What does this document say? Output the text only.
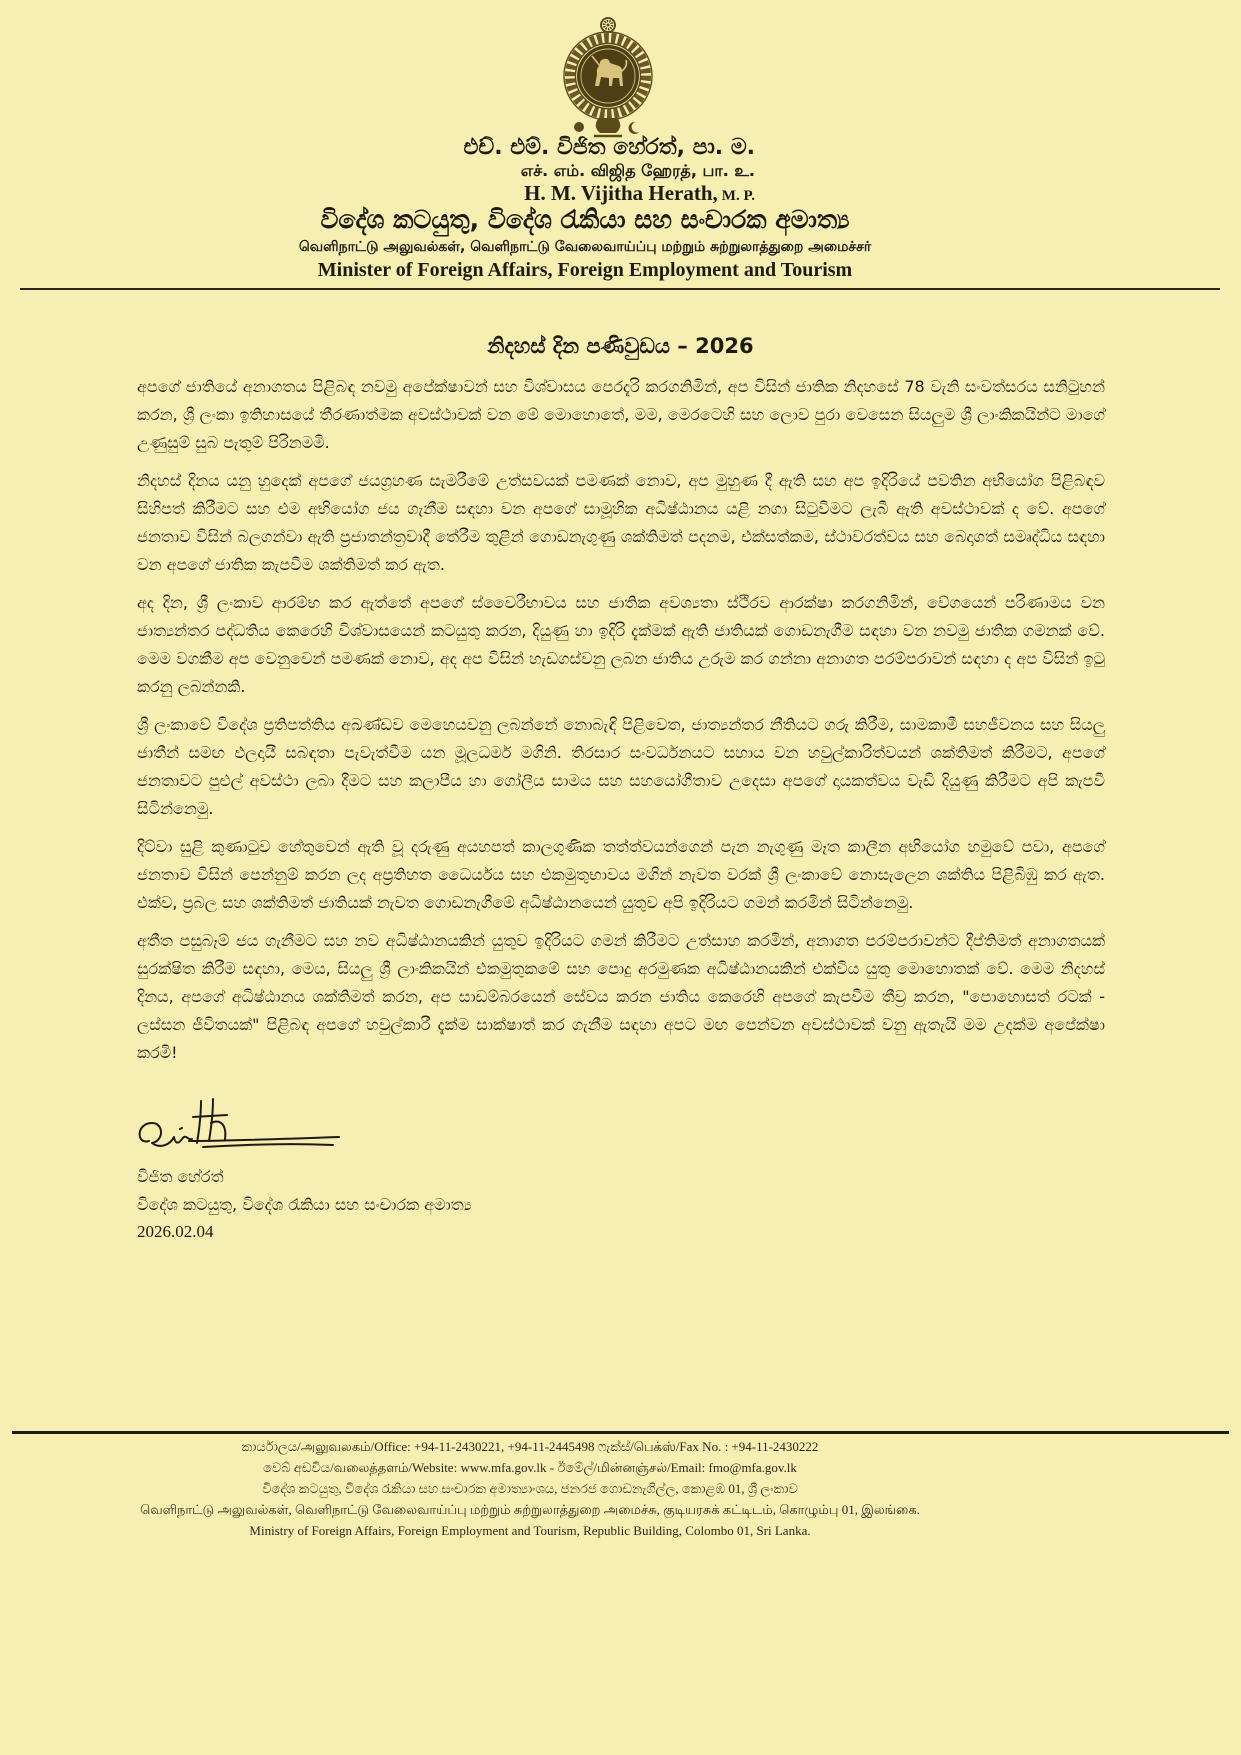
එච්. එම්. විජිත හේරත්, පා. ම.
எச். எம். விஜித ஹேரத், பா. உ.
H. M. Vijitha Herath, M. P.
විදේශ කටයුතු, විදේශ රැකියා සහ සංචාරක අමාත්‍ය
வெளிநாட்டு அலுவல்கள், வெளிநாட்டு வேலைவாய்ப்பு மற்றும் சுற்றுலாத்துறை அமைச்சர்
Minister of Foreign Affairs, Foreign Employment and Tourism
නිදහස් දින පණිවුඩය – 2026

අපගේ ජාතියේ අනාගතය පිළිබඳ නවමු අපේක්ෂාවන් සහ විශ්වාසය පෙරදැරි කරගනිමින්, අප විසින් ජාතික නිදහසේ 78 වැනි සංවත්සරය සනිටුහන් කරන, ශ්‍රී ලංකා ඉතිහාසයේ තීරණාත්මක අවස්ථාවක් වන මේ මොහොතේ, මම, මෙරටෙහි සහ ලොව පුරා වෙසෙන සියලුම ශ්‍රී ලාංකිකයින්ට මාගේ උණුසුම් සුබ පැතුම් පිරිනමමි.

නිදහස් දිනය යනු හුදෙක් අපගේ ජයග්‍රහණ සැමරීමේ උත්සවයක් පමණක් නොව, අප මුහුණ දී ඇති සහ අප ඉදිරියේ පවතින අභියෝග පිළිබඳව සිහිපත් කිරීමට සහ එම අභියෝග ජය ගැනීම සඳහා වන අපගේ සාමූහික අධිෂ්ඨානය යළි නගා සිටුවීමට ලැබී ඇති අවස්ථාවක් ද වේ. අපගේ ජනතාව විසින් බලගන්වා ඇති ප්‍රජාතන්ත්‍රවාදී තේරීම තුළින් ගොඩනැගුණු ශක්තිමත් පදනම, එක්සත්කම, ස්ථාවරත්වය සහ බෙදාගත් සමෘද්ධිය සඳහා වන අපගේ ජාතික කැපවීම ශක්තිමත් කර ඇත.

අද දින, ශ්‍රී ලංකාව ආරම්භ කර ඇත්තේ අපගේ ස්වෛරීභාවය සහ ජාතික අවශ්‍යතා ස්ථිරව ආරක්ෂා කරගනිමින්, වේගයෙන් පරිණාමය වන ජාත්‍යන්තර පද්ධතිය කෙරෙහි විශ්වාසයෙන් කටයුතු කරන, දියුණු හා ඉදිරි දැක්මක් ඇති ජාතියක් ගොඩනැගීම සඳහා වන නවමු ජාතික ගමනක් වේ. මෙම වගකීම අප වෙනුවෙන් පමණක් නොව, අද අප විසින් හැඩගස්වනු ලබන ජාතිය උරුම කර ගන්නා අනාගත පරම්පරාවන් සඳහා ද අප විසින් ඉටු කරනු ලබන්නකි.

ශ්‍රී ලංකාවේ විදේශ ප්‍රතිපත්තිය අඛණ්ඩව මෙහෙයවනු ලබන්නේ නොබැඳි පිළිවෙත, ජාත්‍යන්තර නීතියට ගරු කිරීම, සාමකාමී සහජීවනය සහ සියලු ජාතීන් සමඟ ඵලදායී සබඳතා පැවැත්වීම යන මූලධර්ම මගිනි. තිරසාර සංවර්ධනයට සහාය වන හවුල්කාරිත්වයන් ශක්තිමත් කිරීමට, අපගේ ජනතාවට පුළුල් අවස්ථා ලබා දීමට සහ කලාපීය හා ගෝලීය සාමය සහ සහයෝගීතාව උදෙසා අපගේ දායකත්වය වැඩි දියුණු කිරීමට අපි කැපවී සිටින්නෙමු.

දිට්වා සුළි කුණාටුව හේතුවෙන් ඇති වූ දරුණු අයහපත් කාලගුණික තත්ත්වයන්ගෙන් පැන නැගුණු මෑත කාලීන අභියෝග හමුවේ පවා, අපගේ ජනතාව විසින් පෙන්නුම් කරන ලද අප්‍රතිහත ධෛර්යය සහ එකමුතුභාවය මගින් නැවත වරක් ශ්‍රී ලංකාවේ නොසැලෙන ශක්තිය පිළිබිඹු කර ඇත. එක්ව, ප්‍රබල සහ ශක්තිමත් ජාතියක් නැවත ගොඩනැගීමේ අධිෂ්ඨානයෙන් යුතුව අපි ඉදිරියට ගමන් කරමින් සිටින්නෙමු.

අතීත පසුබෑම් ජය ගැනීමට සහ නව අධිෂ්ඨානයකින් යුතුව ඉදිරියට ගමන් කිරීමට උත්සාහ කරමින්, අනාගත පරම්පරාවන්ට දීප්තිමත් අනාගතයක් සුරක්ෂිත කිරීම සඳහා, මෙය, සියලු ශ්‍රී ලාංකිකයින් එකමුතුකමේ සහ පොදු අරමුණක අධිෂ්ඨානයකින් එක්විය යුතු මොහොතක් වේ. මෙම නිදහස් දිනය, අපගේ අධිෂ්ඨානය ශක්තිමත් කරන, අප සාඩම්බරයෙන් සේවය කරන ජාතිය කෙරෙහි අපගේ කැපවීම තීව්‍ර කරන, "පොහොසත් රටක් - ලස්සන ජීවිතයක්" පිළිබඳ අපගේ හවුල්කාරී දැක්ම සාක්ෂාත් කර ගැනීම සඳහා අපට මඟ පෙන්වන අවස්ථාවක් වනු ඇතැයි මම උදක්ම අපේක්ෂා කරමි!

විජිත හේරත්
විදේශ කටයුතු, විදේශ රැකියා සහ සංචාරක අමාත්‍ය
2026.02.04
කාර්යාලය/அலுவலகம்/Office: +94-11-2430221, +94-11-2445498 ෆැක්ස්/பெக்ஸ்/Fax No. : +94-11-2430222
වෙබ් අඩවිය/வலைத்தளம்/Website: www.mfa.gov.lk - ඊමේල්/மின்னஞ்சல்/Email: fmo@mfa.gov.lk
විදේශ කටයුතු, විදේශ රැකියා සහ සංචාරක අමාත්‍යාංශය, ජනරජ ගොඩනැගිල්ල, කොළඹ 01, ශ්‍රී ලංකාව
வெளிநாட்டு அலுவல்கள், வெளிநாட்டு வேலைவாய்ப்பு மற்றும் சுற்றுலாத்துறை அமைச்சு, குடியரசுக் கட்டிடம், கொழும்பு 01, இலங்கை.
Ministry of Foreign Affairs, Foreign Employment and Tourism, Republic Building, Colombo 01, Sri Lanka.
